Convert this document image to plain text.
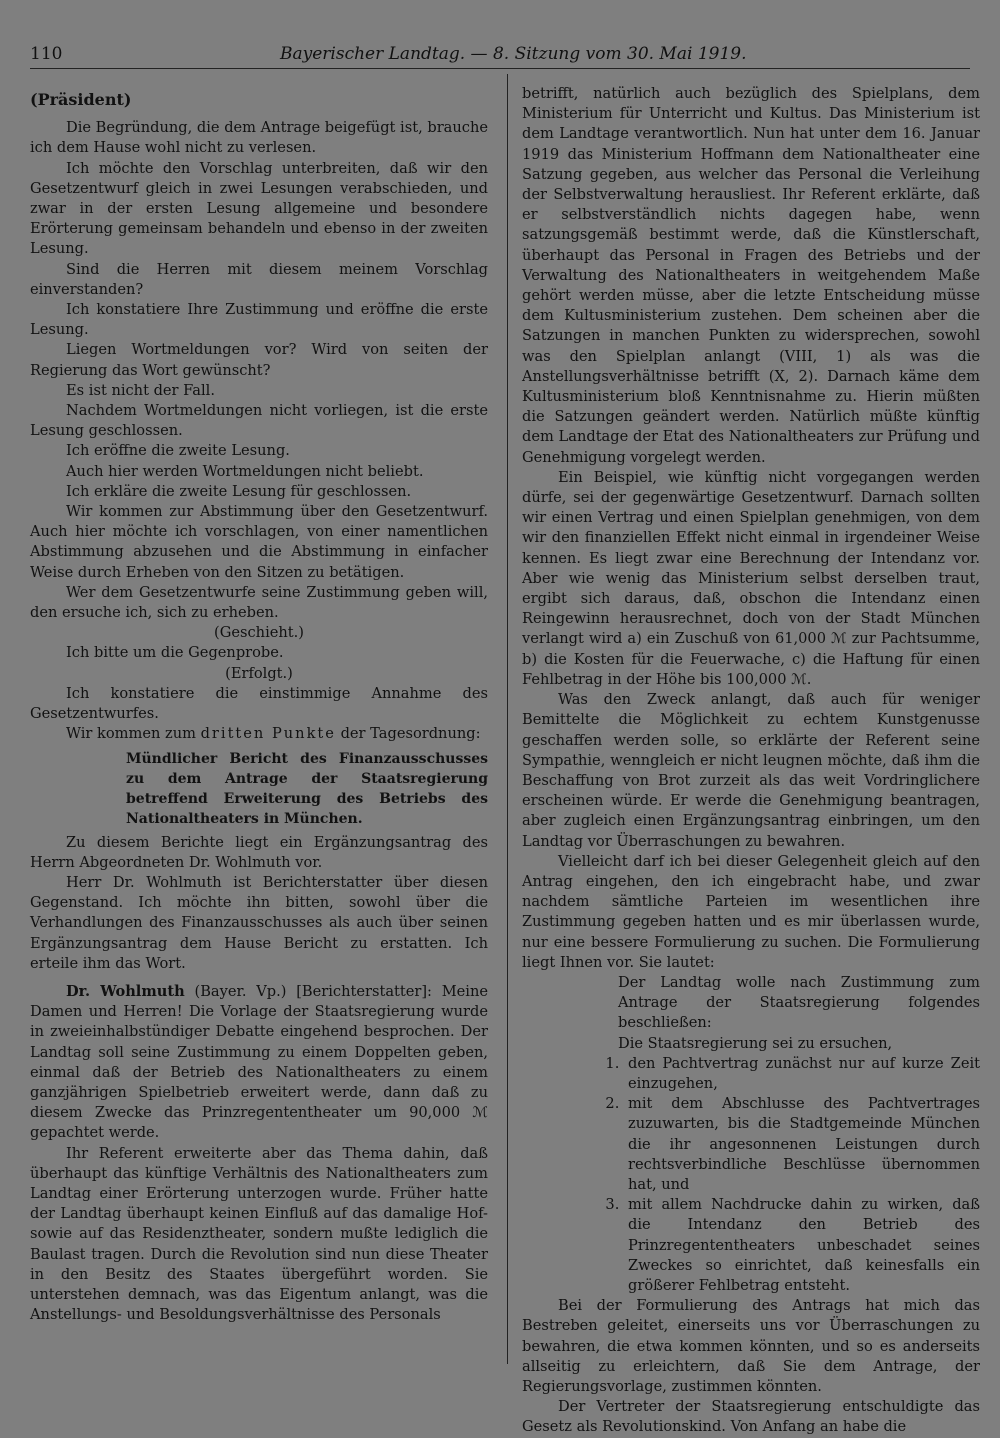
110	Bayerischer Landtag. — 8. Sitzung vom 30. Mai 1919.

(Präsident)

Die Begründung, die dem Antrage beigefügt ist, brauche ich dem Hause wohl nicht zu verlesen.

Ich möchte den Vorschlag unterbreiten, daß wir den Gesetzentwurf gleich in zwei Lesungen verabschieden, und zwar in der ersten Lesung allgemeine und besondere Erörterung gemeinsam behandeln und ebenso in der zweiten Lesung.

Sind die Herren mit diesem meinem Vorschlag einverstanden?

Ich konstatiere Ihre Zustimmung und eröffne die erste Lesung.

Liegen Wortmeldungen vor? Wird von seiten der Regierung das Wort gewünscht?

Es ist nicht der Fall.

Nachdem Wortmeldungen nicht vorliegen, ist die erste Lesung geschlossen.

Ich eröffne die zweite Lesung.

Auch hier werden Wortmeldungen nicht beliebt.

Ich erkläre die zweite Lesung für geschlossen.

Wir kommen zur Abstimmung über den Gesetzentwurf. Auch hier möchte ich vorschlagen, von einer namentlichen Abstimmung abzusehen und die Abstimmung in einfacher Weise durch Erheben von den Sitzen zu betätigen.

Wer dem Gesetzentwurfe seine Zustimmung geben will, den ersuche ich, sich zu erheben.

(Geschieht.)

Ich bitte um die Gegenprobe.

(Erfolgt.)

Ich konstatiere die einstimmige Annahme des Gesetzentwurfes.

Wir kommen zum dritten Punkte der Tagesordnung:

Mündlicher Bericht des Finanzausschusses zu dem Antrage der Staatsregierung betreffend Erweiterung des Betriebs des Nationaltheaters in München.

Zu diesem Berichte liegt ein Ergänzungsantrag des Herrn Abgeordneten Dr. Wohlmuth vor.

Herr Dr. Wohlmuth ist Berichterstatter über diesen Gegenstand. Ich möchte ihn bitten, sowohl über die Verhandlungen des Finanzausschusses als auch über seinen Ergänzungsantrag dem Hause Bericht zu erstatten. Ich erteile ihm das Wort.

Dr. Wohlmuth (Bayer. Vp.) [Berichterstatter]: Meine Damen und Herren! Die Vorlage der Staatsregierung wurde in zweieinhalbstündiger Debatte eingehend besprochen. Der Landtag soll seine Zustimmung zu einem Doppelten geben, einmal daß der Betrieb des Nationaltheaters zu einem ganzjährigen Spielbetrieb erweitert werde, dann daß zu diesem Zwecke das Prinzregententheater um 90,000 ℳ gepachtet werde.

Ihr Referent erweiterte aber das Thema dahin, daß überhaupt das künftige Verhältnis des Nationaltheaters zum Landtag einer Erörterung unterzogen wurde. Früher hatte der Landtag überhaupt keinen Einfluß auf das damalige Hof- sowie auf das Residenztheater, sondern mußte lediglich die Baulast tragen. Durch die Revolution sind nun diese Theater in den Besitz des Staates übergeführt worden. Sie unterstehen demnach, was das Eigentum anlangt, was die Anstellungs- und Besoldungsverhältnisse des Personals

betrifft, natürlich auch bezüglich des Spielplans, dem Ministerium für Unterricht und Kultus. Das Ministerium ist dem Landtage verantwortlich. Nun hat unter dem 16. Januar 1919 das Ministerium Hoffmann dem Nationaltheater eine Satzung gegeben, aus welcher das Personal die Verleihung der Selbstverwaltung herausliest. Ihr Referent erklärte, daß er selbstverständlich nichts dagegen habe, wenn satzungsgemäß bestimmt werde, daß die Künstlerschaft, überhaupt das Personal in Fragen des Betriebs und der Verwaltung des Nationaltheaters in weitgehendem Maße gehört werden müsse, aber die letzte Entscheidung müsse dem Kultusministerium zustehen. Dem scheinen aber die Satzungen in manchen Punkten zu widersprechen, sowohl was den Spielplan anlangt (VIII, 1) als was die Anstellungsverhältnisse betrifft (X, 2). Darnach käme dem Kultusministerium bloß Kenntnisnahme zu. Hierin müßten die Satzungen geändert werden. Natürlich müßte künftig dem Landtage der Etat des Nationaltheaters zur Prüfung und Genehmigung vorgelegt werden.

Ein Beispiel, wie künftig nicht vorgegangen werden dürfe, sei der gegenwärtige Gesetzentwurf. Darnach sollten wir einen Vertrag und einen Spielplan genehmigen, von dem wir den finanziellen Effekt nicht einmal in irgendeiner Weise kennen. Es liegt zwar eine Berechnung der Intendanz vor. Aber wie wenig das Ministerium selbst derselben traut, ergibt sich daraus, daß, obschon die Intendanz einen Reingewinn herausrechnet, doch von der Stadt München verlangt wird a) ein Zuschuß von 61,000 ℳ zur Pachtsumme, b) die Kosten für die Feuerwache, c) die Haftung für einen Fehlbetrag in der Höhe bis 100,000 ℳ.

Was den Zweck anlangt, daß auch für weniger Bemittelte die Möglichkeit zu echtem Kunstgenusse geschaffen werden solle, so erklärte der Referent seine Sympathie, wenngleich er nicht leugnen möchte, daß ihm die Beschaffung von Brot zurzeit als das weit Vordringlichere erscheinen würde. Er werde die Genehmigung beantragen, aber zugleich einen Ergänzungsantrag einbringen, um den Landtag vor Überraschungen zu bewahren.

Vielleicht darf ich bei dieser Gelegenheit gleich auf den Antrag eingehen, den ich eingebracht habe, und zwar nachdem sämtliche Parteien im wesentlichen ihre Zustimmung gegeben hatten und es mir überlassen wurde, nur eine bessere Formulierung zu suchen. Die Formulierung liegt Ihnen vor. Sie lautet:

Der Landtag wolle nach Zustimmung zum Antrage der Staatsregierung folgendes beschließen:

Die Staatsregierung sei zu ersuchen,

1. den Pachtvertrag zunächst nur auf kurze Zeit einzugehen,
2. mit dem Abschlusse des Pachtvertrages zuzuwarten, bis die Stadtgemeinde München die ihr angesonnenen Leistungen durch rechtsverbindliche Beschlüsse übernommen hat, und
3. mit allem Nachdrucke dahin zu wirken, daß die Intendanz den Betrieb des Prinzregententheaters unbeschadet seines Zweckes so einrichtet, daß keinesfalls ein größerer Fehlbetrag entsteht.

Bei der Formulierung des Antrags hat mich das Bestreben geleitet, einerseits uns vor Überraschungen zu bewahren, die etwa kommen könnten, und so es anderseits allseitig zu erleichtern, daß Sie dem Antrage, der Regierungsvorlage, zustimmen könnten.

Der Vertreter der Staatsregierung entschuldigte das Gesetz als Revolutionskind. Von Anfang an habe die
